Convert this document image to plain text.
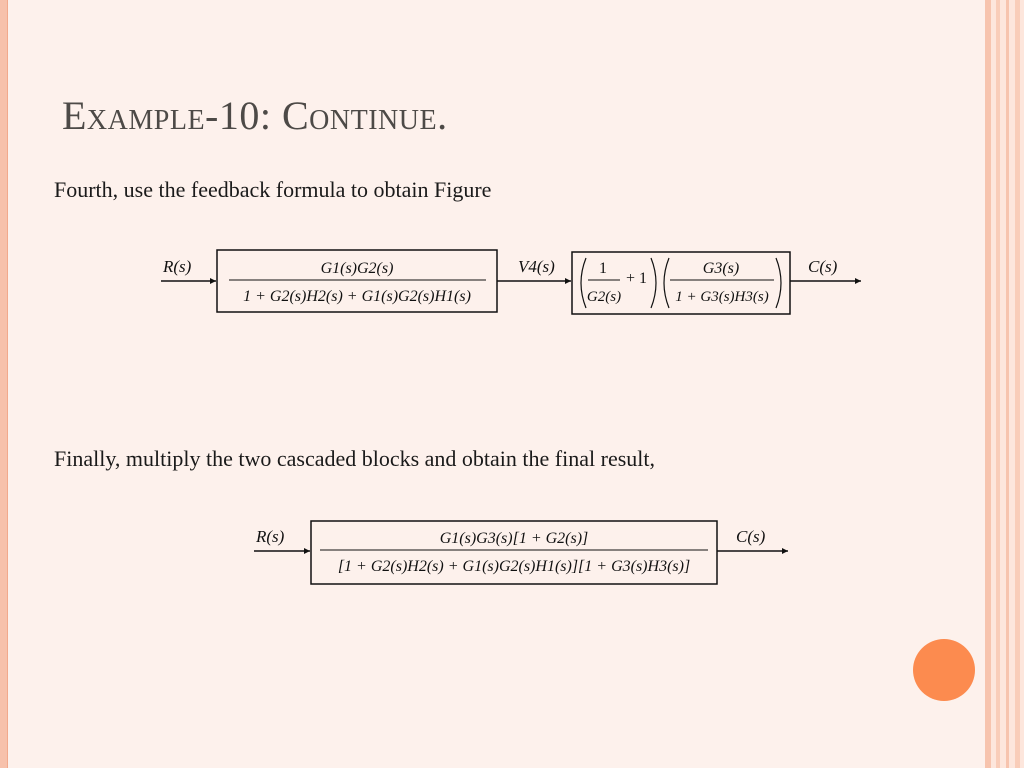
Example-10: Continue.

Fourth, use the feedback formula to obtain Figure

Finally, multiply the two cascaded blocks and obtain the final result,

R(s)	G1(s)G2(s)
1 + G2(s)H2(s) + G1(s)G2(s)H1(s)
V4(s)	1
G2(s)
+ 1
G3(s)
1 + G3(s)H3(s)
C(s)
R(s)	G1(s)G3(s)[1 + G2(s)]
[1 + G2(s)H2(s) + G1(s)G2(s)H1(s)][1 + G3(s)H3(s)]
C(s)
